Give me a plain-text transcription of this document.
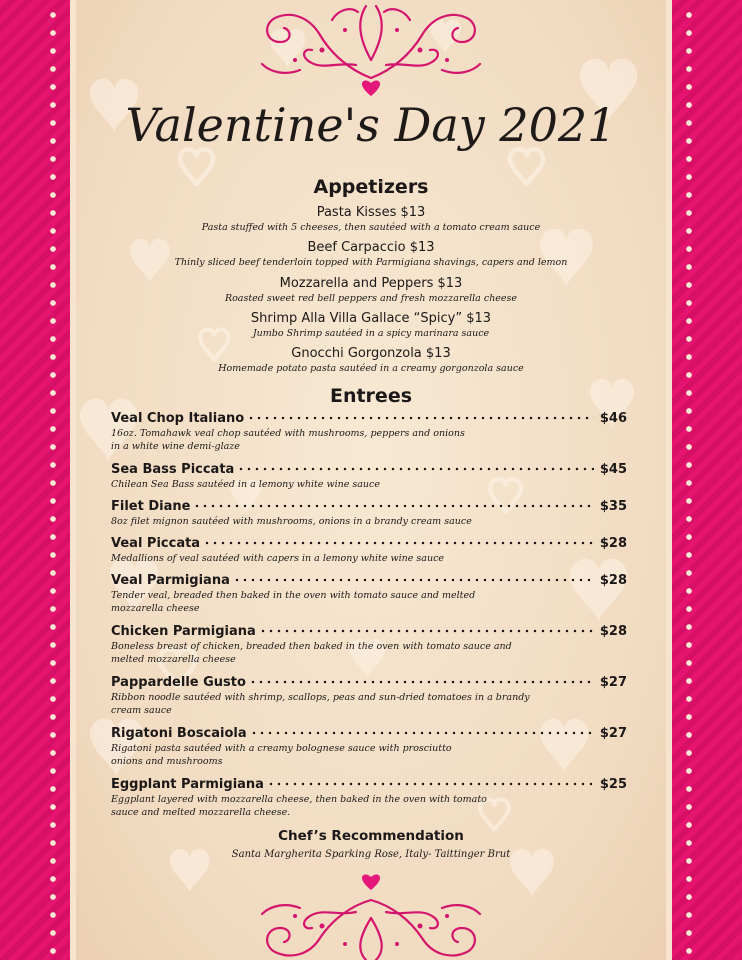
Valentine's Day 2021
Appetizers
Pasta Kisses $13
Pasta stuffed with 5 cheeses, then sautéed with a tomato cream sauce
Beef Carpaccio $13
Thinly sliced beef tenderloin topped with Parmigiana shavings, capers and lemon
Mozzarella and Peppers $13
Roasted sweet red bell peppers and fresh mozzarella cheese
Shrimp Alla Villa Gallace “Spicy” $13
Jumbo Shrimp sautéed in a spicy marinara sauce
Gnocchi Gorgonzola $13
Homemade potato pasta sautéed in a creamy gorgonzola sauce
Entrees
Veal Chop Italiano	$46
16oz. Tomahawk veal chop sautéed with mushrooms, peppers and onions
in a white wine demi-glaze
Sea Bass Piccata	$45
Chilean Sea Bass sautéed in a lemony white wine sauce
Filet Diane	$35
8oz filet mignon sautéed with mushrooms, onions in a brandy cream sauce
Veal Piccata	$28
Medallions of veal sautéed with capers in a lemony white wine sauce
Veal Parmigiana	$28
Tender veal, breaded then baked in the oven with tomato sauce and melted
mozzarella cheese
Chicken Parmigiana	$28
Boneless breast of chicken, breaded then baked in the oven with tomato sauce and
melted mozzarella cheese
Pappardelle Gusto	$27
Ribbon noodle sautéed with shrimp, scallops, peas and sun-dried tomatoes in a brandy
cream sauce
Rigatoni Boscaiola	$27
Rigatoni pasta sautéed with a creamy bolognese sauce with prosciutto
onions and mushrooms
Eggplant Parmigiana	$25
Eggplant layered with mozzarella cheese, then baked in the oven with tomato
sauce and melted mozzarella cheese.
Chef’s Recommendation
Santa Margherita Sparking Rose, Italy- Taittinger Brut
